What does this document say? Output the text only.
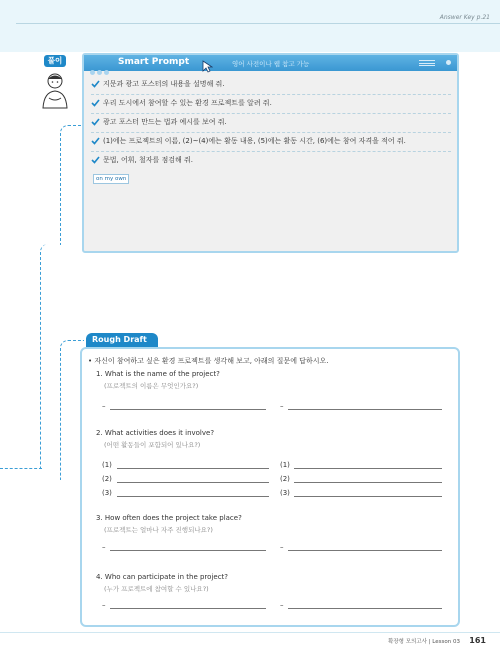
Answer Key p.21
풀이	Smart Prompt	영어 사전이나 웹 참고 가능
지문과 광고 포스터의 내용을 설명해 줘.
우리 도시에서 참여할 수 있는 환경 프로젝트를 알려 줘.
광고 포스터 만드는 법과 예시를 보여 줘.
(1)에는 프로젝트의 이름, (2)~(4)에는 활동 내용, (5)에는 활동 시간, (6)에는 참여 자격을 적어 줘.
문법, 어휘, 철자를 점검해 줘.
on my own
Rough Draft
• 자신이 참여하고 싶은 환경 프로젝트를 생각해 보고, 아래의 질문에 답하시오.
1. What is the name of the project?
(프로젝트의 이름은 무엇인가요?)
–	–
2. What activities does it involve?
(어떤 활동들이 포함되어 있나요?)
(1)	(1)
(2)	(2)
(3)	(3)
3. How often does the project take place?
(프로젝트는 얼마나 자주 진행되나요?)
–	–
4. Who can participate in the project?
(누가 프로젝트에 참여할 수 있나요?)
–	–
확장형 모의고사 | Lesson 03 161
